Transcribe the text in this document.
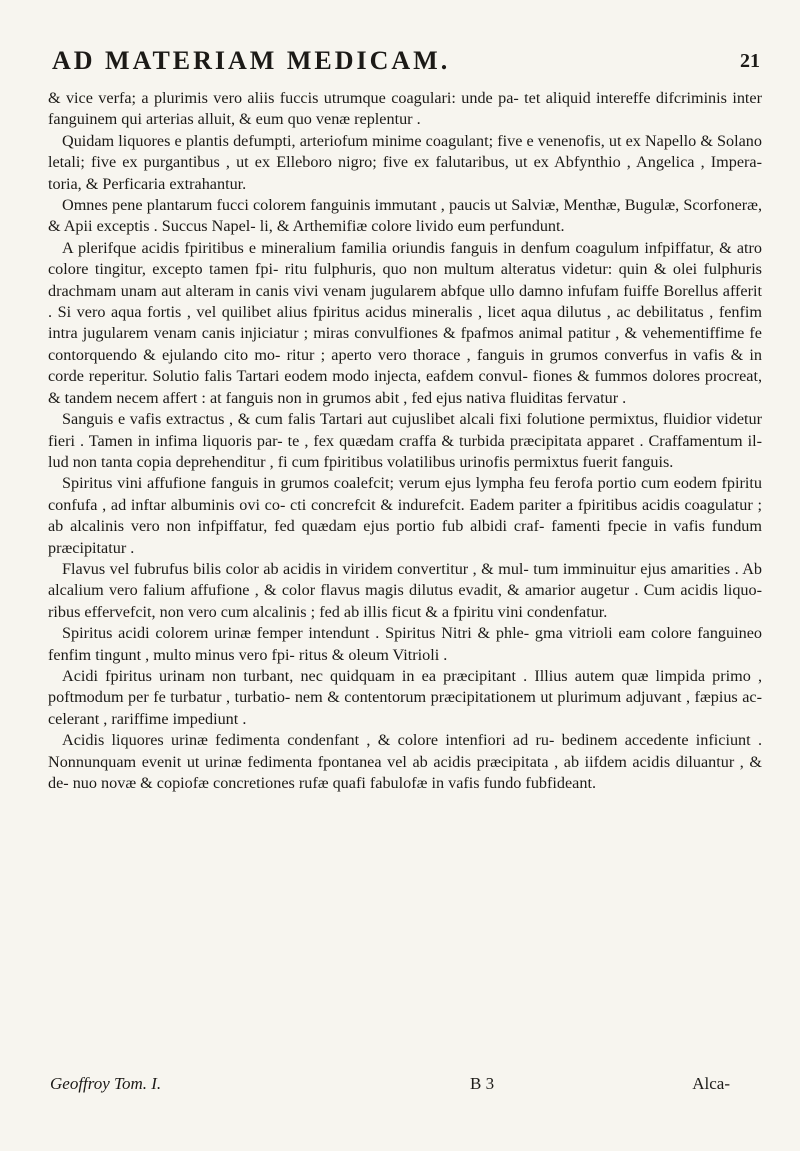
AD MATERIAM MEDICAM.	21

& vice verfa; a plurimis vero aliis fuccis utrumque coagulari: unde pa- tet aliquid intereffe difcriminis inter fanguinem qui arterias alluit, & eum quo venæ replentur .

Quidam liquores e plantis defumpti, arteriofum minime coagulant; five e venenofis, ut ex Napello & Solano letali; five ex purgantibus , ut ex Elleboro nigro; five ex falutaribus, ut ex Abfynthio , Angelica , Impera- toria, & Perficaria extrahantur.

Omnes pene plantarum fucci colorem fanguinis immutant , paucis ut Salviæ, Menthæ, Bugulæ, Scorfoneræ, & Apii exceptis . Succus Napel- li, & Arthemifiæ colore livido eum perfundunt.

A plerifque acidis fpiritibus e mineralium familia oriundis fanguis in denfum coagulum infpiffatur, & atro colore tingitur, excepto tamen fpi- ritu fulphuris, quo non multum alteratus videtur: quin & olei fulphuris drachmam unam aut alteram in canis vivi venam jugularem abfque ullo damno infufam fuiffe Borellus afferit . Si vero aqua fortis , vel quilibet alius fpiritus acidus mineralis , licet aqua dilutus , ac debilitatus , fenfim intra jugularem venam canis injiciatur ; miras convulfiones & fpafmos animal patitur , & vehementiffime fe contorquendo & ejulando cito mo- ritur ; aperto vero thorace , fanguis in grumos converfus in vafis & in corde reperitur. Solutio falis Tartari eodem modo injecta, eafdem convul- fiones & fummos dolores procreat, & tandem necem affert : at fanguis non in grumos abit , fed ejus nativa fluiditas fervatur .

Sanguis e vafis extractus , & cum falis Tartari aut cujuslibet alcali fixi folutione permixtus, fluidior videtur fieri . Tamen in infima liquoris par- te , fex quædam craffa & turbida præcipitata apparet . Craffamentum il- lud non tanta copia deprehenditur , fi cum fpiritibus volatilibus urinofis permixtus fuerit fanguis.

Spiritus vini affufione fanguis in grumos coalefcit; verum ejus lympha feu ferofa portio cum eodem fpiritu confufa , ad inftar albuminis ovi co- cti concrefcit & indurefcit. Eadem pariter a fpiritibus acidis coagulatur ; ab alcalinis vero non infpiffatur, fed quædam ejus portio fub albidi craf- famenti fpecie in vafis fundum præcipitatur .

Flavus vel fubrufus bilis color ab acidis in viridem convertitur , & mul- tum imminuitur ejus amarities . Ab alcalium vero falium affufione , & color flavus magis dilutus evadit, & amarior augetur . Cum acidis liquo- ribus effervefcit, non vero cum alcalinis ; fed ab illis ficut & a fpiritu vini condenfatur.

Spiritus acidi colorem urinæ femper intendunt . Spiritus Nitri & phle- gma vitrioli eam colore fanguineo fenfim tingunt , multo minus vero fpi- ritus & oleum Vitrioli .

Acidi fpiritus urinam non turbant, nec quidquam in ea præcipitant . Illius autem quæ limpida primo , poftmodum per fe turbatur , turbatio- nem & contentorum præcipitationem ut plurimum adjuvant , fæpius ac- celerant , rariffime impediunt .

Acidis liquores urinæ fedimenta condenfant , & colore intenfiori ad ru- bedinem accedente inficiunt . Nonnunquam evenit ut urinæ fedimenta fpontanea vel ab acidis præcipitata , ab iifdem acidis diluantur , & de- nuo novæ & copiofæ concretiones rufæ quafi fabulofæ in vafis fundo fubfideant.

Geoffroy Tom. I.	B 3	Alca-
